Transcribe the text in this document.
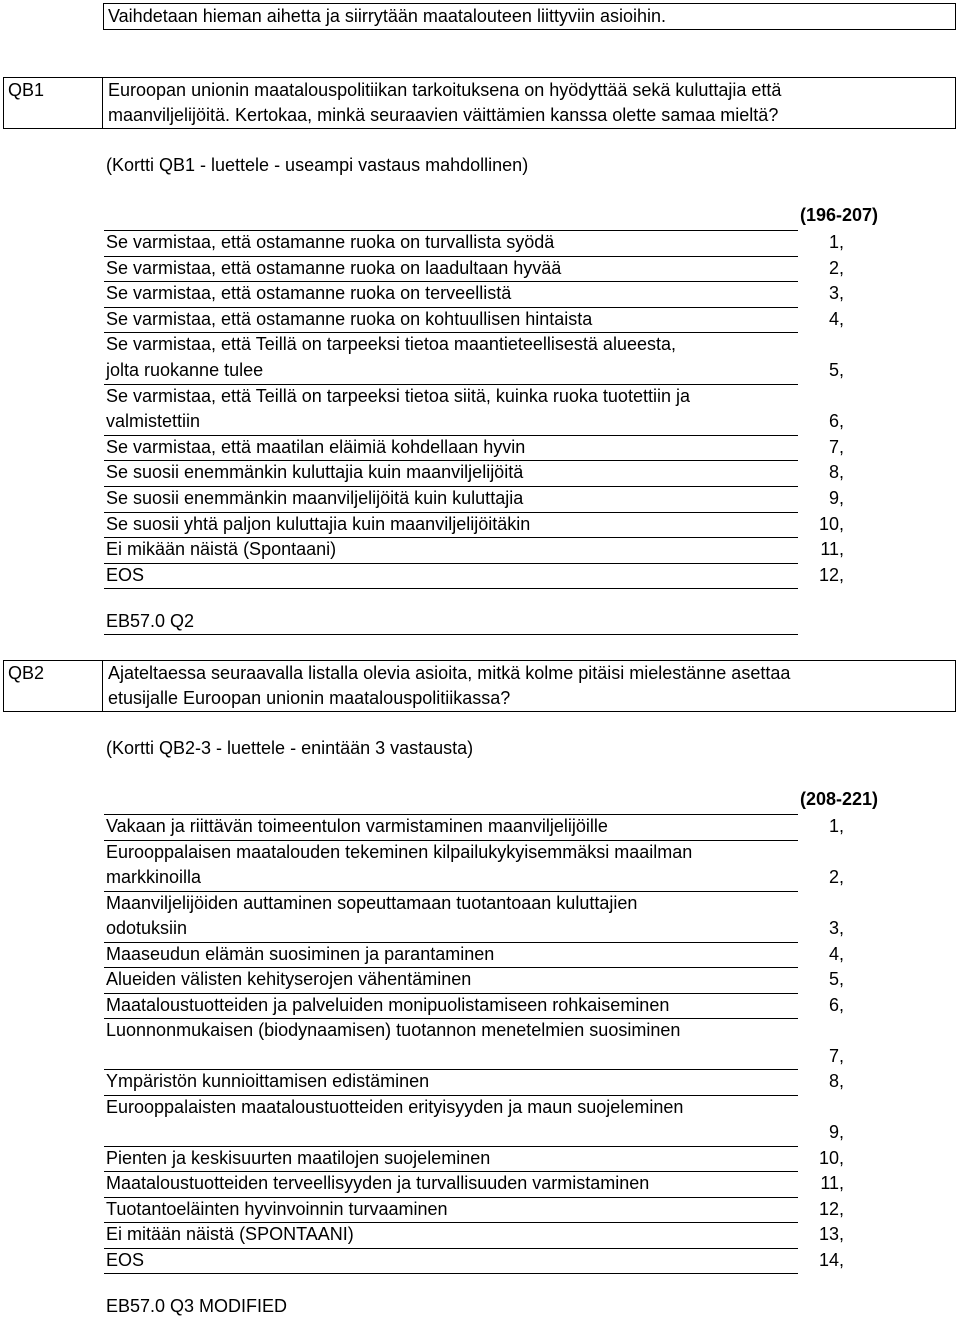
Vaihdetaan hieman aihetta ja siirrytään maatalouteen liittyviin asioihin.
QB1	Euroopan unionin maatalouspolitiikan tarkoituksena on hyödyttää sekä kuluttajia että
maanviljelijöitä. Kertokaa, minkä seuraavien väittämien kanssa olette samaa mieltä?
(Kortti QB1 - luettele - useampi vastaus mahdollinen)
(196-207)
Se varmistaa, että ostamanne ruoka on turvallista syödä	1,
Se varmistaa, että ostamanne ruoka on laadultaan hyvää	2,
Se varmistaa, että ostamanne ruoka on terveellistä	3,
Se varmistaa, että ostamanne ruoka on kohtuullisen hintaista	4,
Se varmistaa, että Teillä on tarpeeksi tietoa maantieteellisestä alueesta,
jolta ruokanne tulee	5,
Se varmistaa, että Teillä on tarpeeksi tietoa siitä, kuinka ruoka tuotettiin ja
valmistettiin	6,
Se varmistaa, että maatilan eläimiä kohdellaan hyvin	7,
Se suosii enemmänkin kuluttajia kuin maanviljelijöitä	8,
Se suosii enemmänkin maanviljelijöitä kuin kuluttajia	9,
Se suosii yhtä paljon kuluttajia kuin maanviljelijöitäkin	10,
Ei mikään näistä (Spontaani)	11,
EOS	12,
EB57.0 Q2
QB2	Ajateltaessa seuraavalla listalla olevia asioita, mitkä kolme pitäisi mielestänne asettaa
etusijalle Euroopan unionin maatalouspolitiikassa?
(Kortti QB2-3 - luettele - enintään 3 vastausta)
(208-221)
Vakaan ja riittävän toimeentulon varmistaminen maanviljelijöille	1,
Eurooppalaisen maatalouden tekeminen kilpailukykyisemmäksi maailman
markkinoilla	2,
Maanviljelijöiden auttaminen sopeuttamaan tuotantoaan kuluttajien
odotuksiin	3,
Maaseudun elämän suosiminen ja parantaminen	4,
Alueiden välisten kehityserojen vähentäminen	5,
Maataloustuotteiden ja palveluiden monipuolistamiseen rohkaiseminen	6,
Luonnonmukaisen (biodynaamisen) tuotannon menetelmien suosiminen
7,
Ympäristön kunnioittamisen edistäminen	8,
Eurooppalaisten maataloustuotteiden erityisyyden ja maun suojeleminen
9,
Pienten ja keskisuurten maatilojen suojeleminen	10,
Maataloustuotteiden terveellisyyden ja turvallisuuden varmistaminen	11,
Tuotantoeläinten hyvinvoinnin turvaaminen	12,
Ei mitään näistä (SPONTAANI)	13,
EOS	14,
EB57.0 Q3 MODIFIED
